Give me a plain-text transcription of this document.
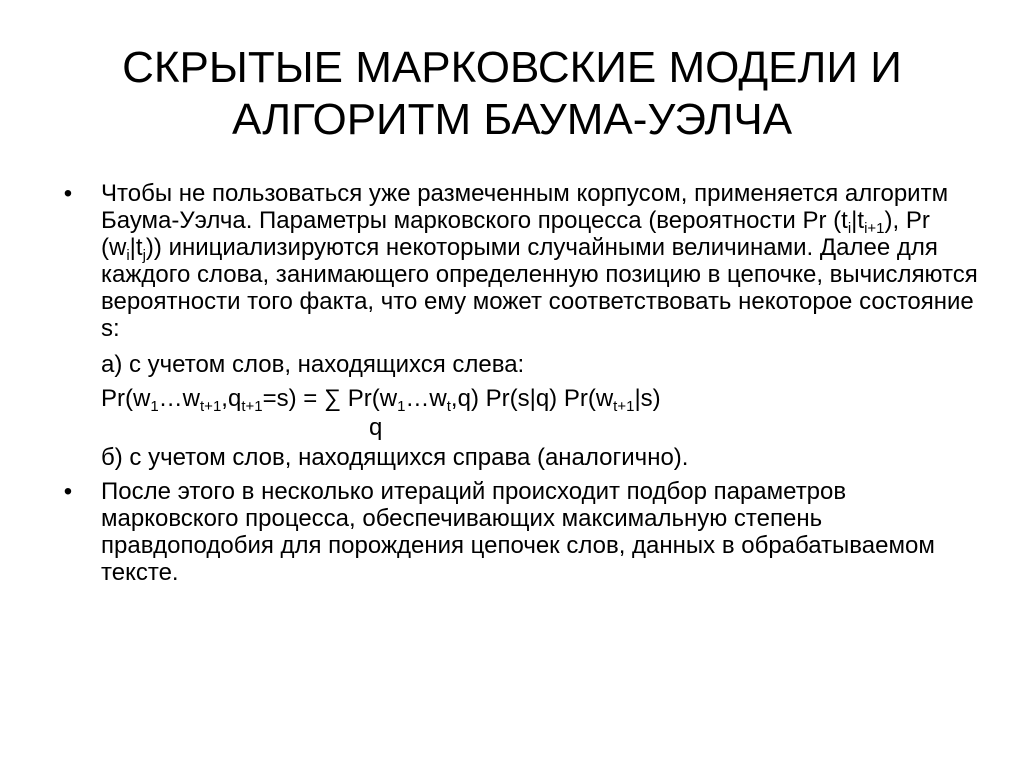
СКРЫТЫЕ МАРКОВСКИЕ МОДЕЛИ И
АЛГОРИТМ БАУМА-УЭЛЧА
• Чтобы не пользоваться уже размеченным корпусом, применяется алгоритм Баума-Уэлча. Параметры марковского процесса (вероятности Pr $(t_i|t_{i+1})$, Pr $(w_i|t_j)$) инициализируются некоторыми случайными величинами. Далее для каждого слова, занимающего определенную позицию в цепочке, вычисляются вероятности того факта, что ему может соответствовать некоторое состояние s:
а) с учетом слов, находящихся слева:
$Pr(w_1\dots w_{t+1},q_{t+1}=s)$ = ∑ $Pr(w_1\dots w_t,q)$ Pr(s|q) $Pr(w_{t+1}|s)$
q
б) с учетом слов, находящихся справа (аналогично).
• После этого в несколько итераций происходит подбор параметров марковского процесса, обеспечивающих максимальную степень правдоподобия для порождения цепочек слов, данных в обрабатываемом тексте.
